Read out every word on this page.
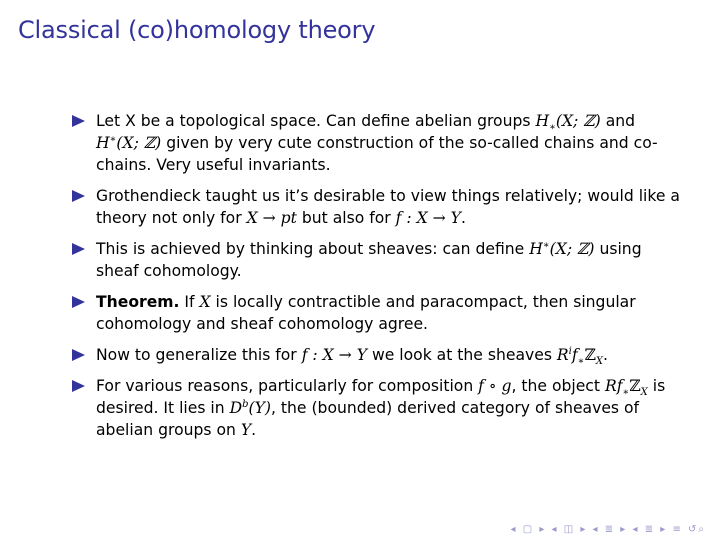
Classical (co)homology theory
Let X be a topological space. Can define abelian groups $H_∗(X$; ℤ) and H∗(X; ℤ) given by very cute construction of the so-called chains and co-chains. Very useful invariants.
Grothendieck taught us it’s desirable to view things relatively; would like a theory not only for X → pt but also for f : X → Y.
This is achieved by thinking about sheaves: can define H∗(X; ℤ) using sheaf cohomology.
Theorem. If X is locally contractible and paracompact, then singular cohomology and sheaf cohomology agree.
Now to generalize this for f : X → Y we look at the sheaves $R^if_∗ℤ_X$.
For various reasons, particularly for composition f ∘ g, the object $Rf_∗ℤ_X$ is desired. It lies in $D^b(Y)$, the (bounded) derived category of sheaves of abelian groups on Y.
◂ ▢ ▸ ◂ ◫ ▸ ◂ ≣ ▸ ◂ ≣ ▸ ≡ ↺⌕
